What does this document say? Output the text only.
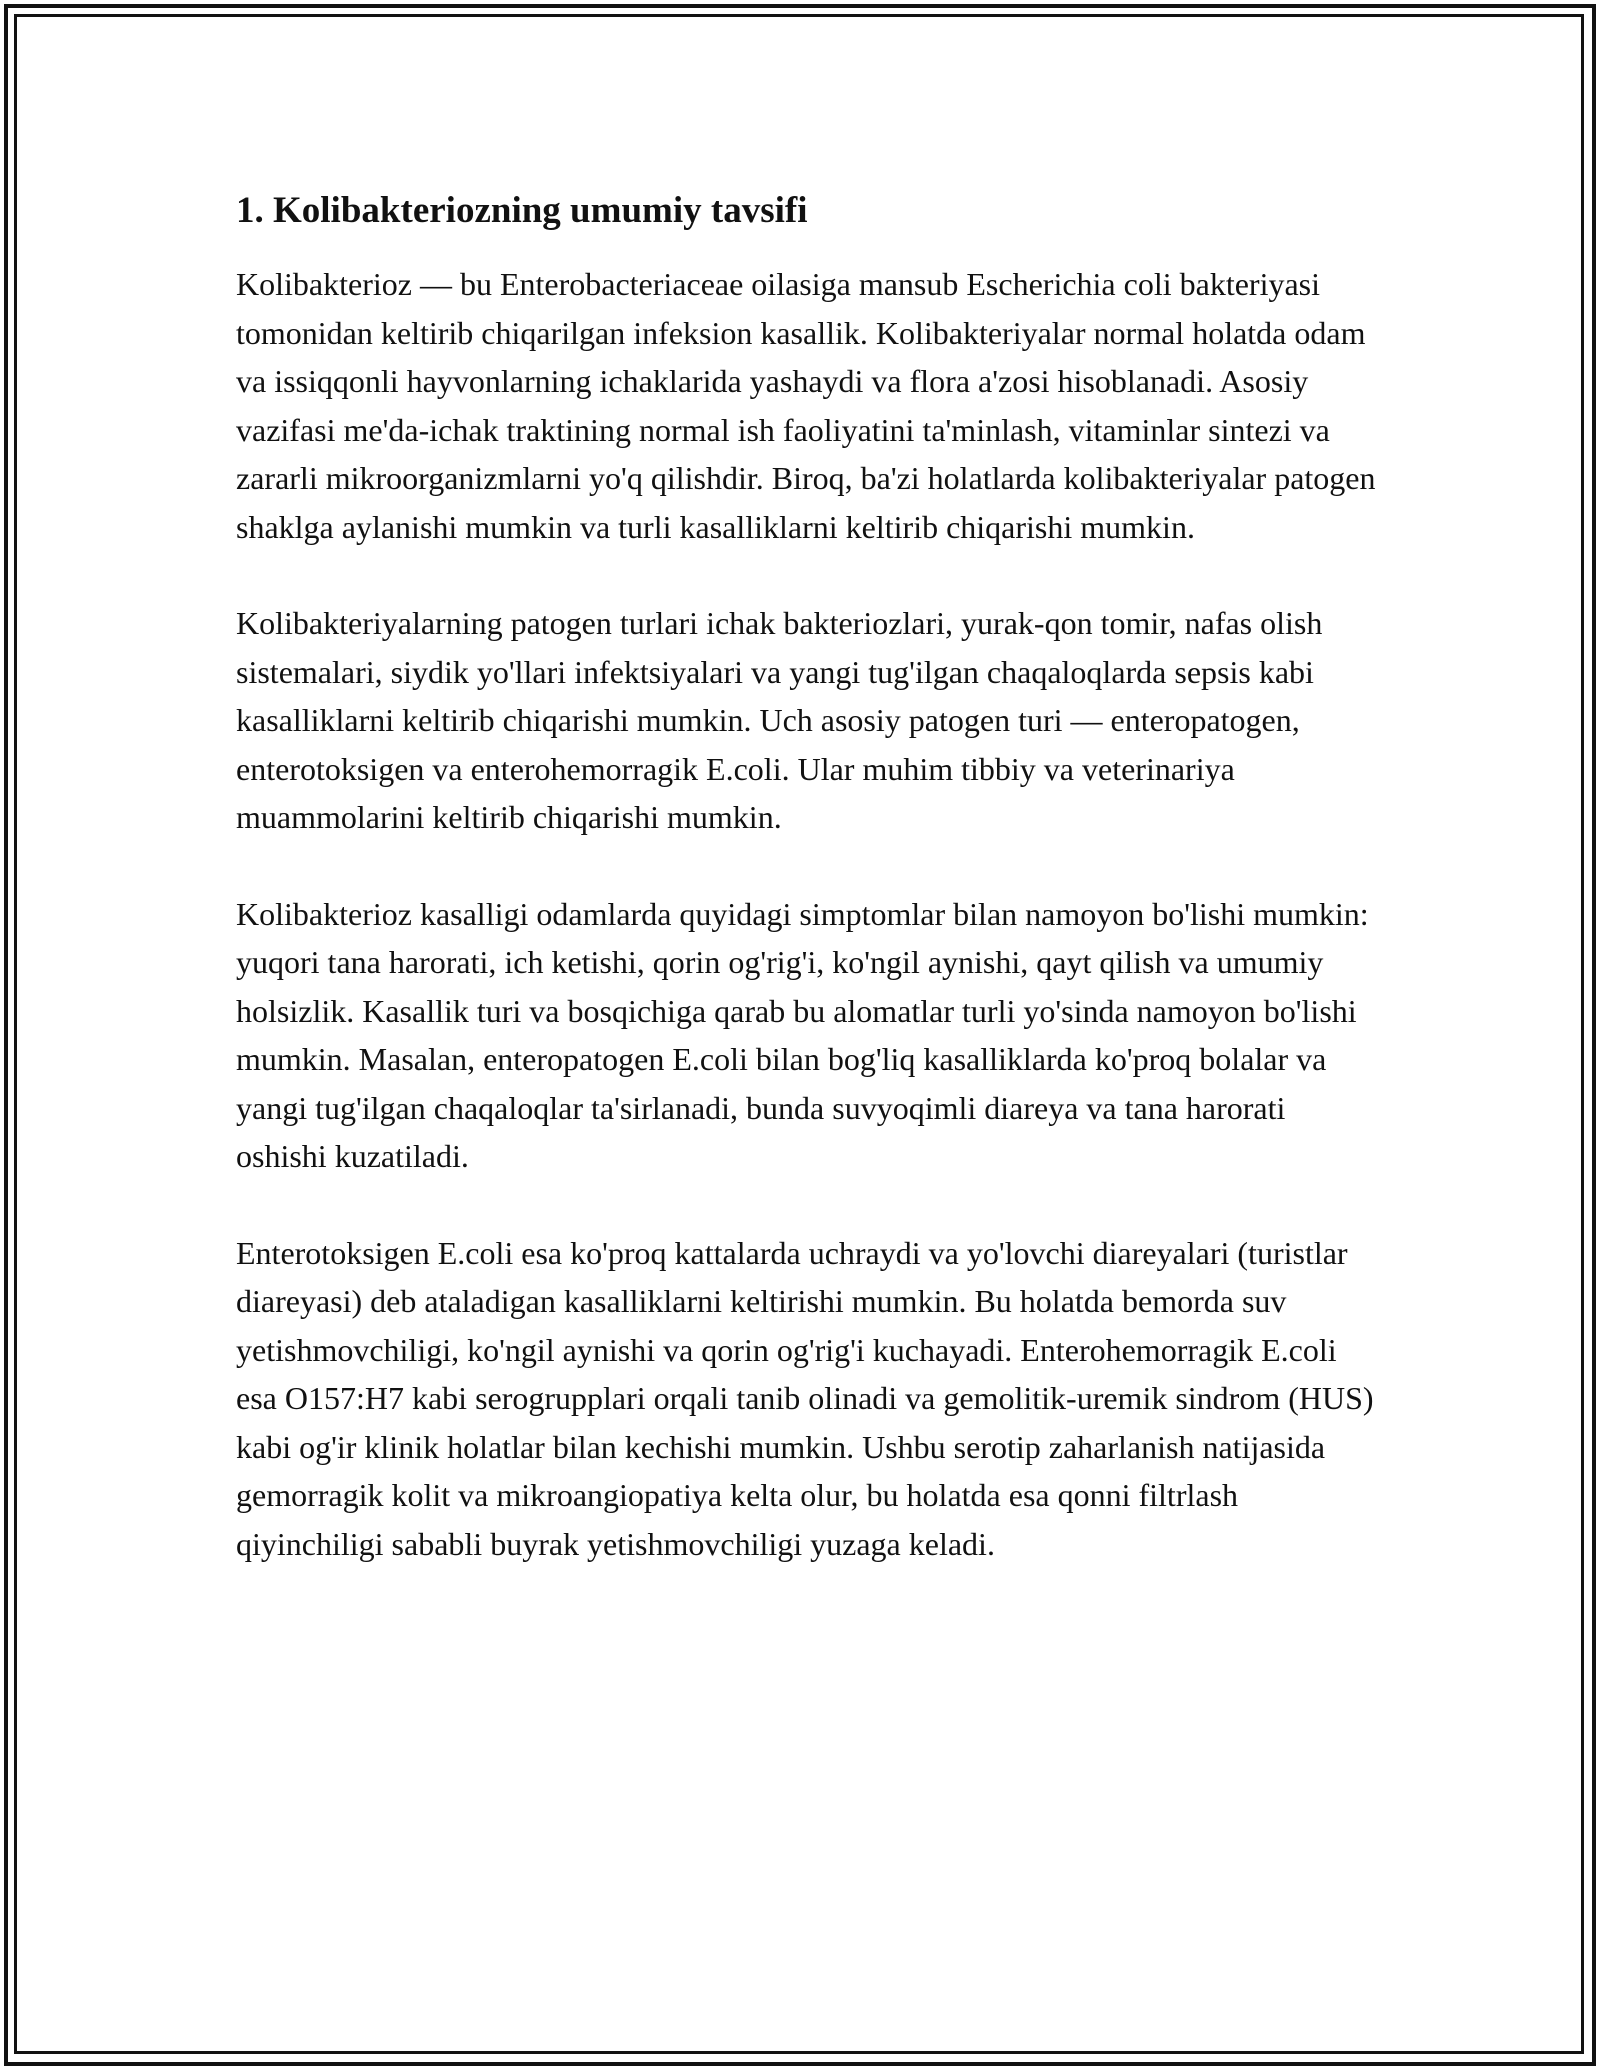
1. Kolibakteriozning umumiy tavsifi

Kolibakterioz — bu Enterobacteriaceae oilasiga mansub Escherichia coli bakteriyasi tomonidan keltirib chiqarilgan infeksion kasallik. Kolibakteriyalar normal holatda odam va issiqqonli hayvonlarning ichaklarida yashaydi va flora a'zosi hisoblanadi. Asosiy vazifasi me'da-ichak traktining normal ish faoliyatini ta'minlash, vitaminlar sintezi va zararli mikroorganizmlarni yo'q qilishdir. Biroq, ba'zi holatlarda kolibakteriyalar patogen shaklga aylanishi mumkin va turli kasalliklarni keltirib chiqarishi mumkin.

Kolibakteriyalarning patogen turlari ichak bakteriozlari, yurak-qon tomir, nafas olish sistemalari, siydik yo'llari infektsiyalari va yangi tug'ilgan chaqaloqlarda sepsis kabi kasalliklarni keltirib chiqarishi mumkin. Uch asosiy patogen turi — enteropatogen, enterotoksigen va enterohemorragik E.coli. Ular muhim tibbiy va veterinariya muammolarini keltirib chiqarishi mumkin.

Kolibakterioz kasalligi odamlarda quyidagi simptomlar bilan namoyon bo'lishi mumkin: yuqori tana harorati, ich ketishi, qorin og'rig'i, ko'ngil aynishi, qayt qilish va umumiy holsizlik. Kasallik turi va bosqichiga qarab bu alomatlar turli yo'sinda namoyon bo'lishi mumkin. Masalan, enteropatogen E.coli bilan bog'liq kasalliklarda ko'proq bolalar va yangi tug'ilgan chaqaloqlar ta'sirlanadi, bunda suvyoqimli diareya va tana harorati oshishi kuzatiladi.

Enterotoksigen E.coli esa ko'proq kattalarda uchraydi va yo'lovchi diareyalari (turistlar diareyasi) deb ataladigan kasalliklarni keltirishi mumkin. Bu holatda bemorda suv yetishmovchiligi, ko'ngil aynishi va qorin og'rig'i kuchayadi. Enterohemorragik E.coli esa O157:H7 kabi serogrupplari orqali tanib olinadi va gemolitik-uremik sindrom (HUS) kabi og'ir klinik holatlar bilan kechishi mumkin. Ushbu serotip zaharlanish natijasida gemorragik kolit va mikroangiopatiya kelta olur, bu holatda esa qonni filtrlash qiyinchiligi sababli buyrak yetishmovchiligi yuzaga keladi.
